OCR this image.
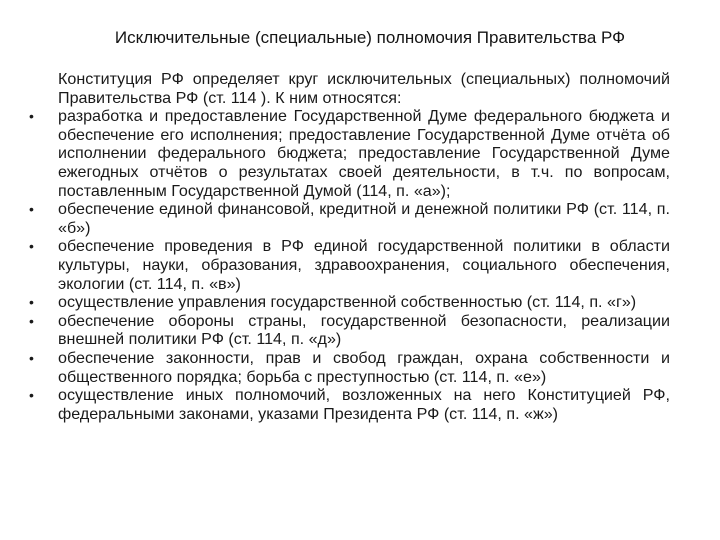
Исключительные (специальные) полномочия Правительства РФ

Конституция РФ определяет круг исключительных (специальных) полномочий Правительства РФ (ст. 114 ). К ним относятся:

• разработка и предоставление Государственной Думе федерального бюджета и обеспечение его исполнения; предоставление Государственной Думе отчёта об исполнении федерального бюджета; предоставление Государственной Думе ежегодных отчётов о результатах своей деятельности, в т.ч. по вопросам, поставленным Государственной Думой (114, п. «а»);
• обеспечение единой финансовой, кредитной и денежной политики РФ (ст. 114, п. «б»)
• обеспечение проведения в РФ единой государственной политики в области культуры, науки, образования, здравоохранения, социального обеспечения, экологии (ст. 114, п. «в»)
• осуществление управления государственной собственностью (ст. 114, п. «г»)
• обеспечение обороны страны, государственной безопасности, реализации внешней политики РФ (ст. 114, п. «д»)
• обеспечение законности, прав и свобод граждан, охрана собственности и общественного порядка; борьба с преступностью (ст. 114, п. «е»)
• осуществление иных полномочий, возложенных на него Конституцией РФ, федеральными законами, указами Президента РФ (ст. 114, п. «ж»)
